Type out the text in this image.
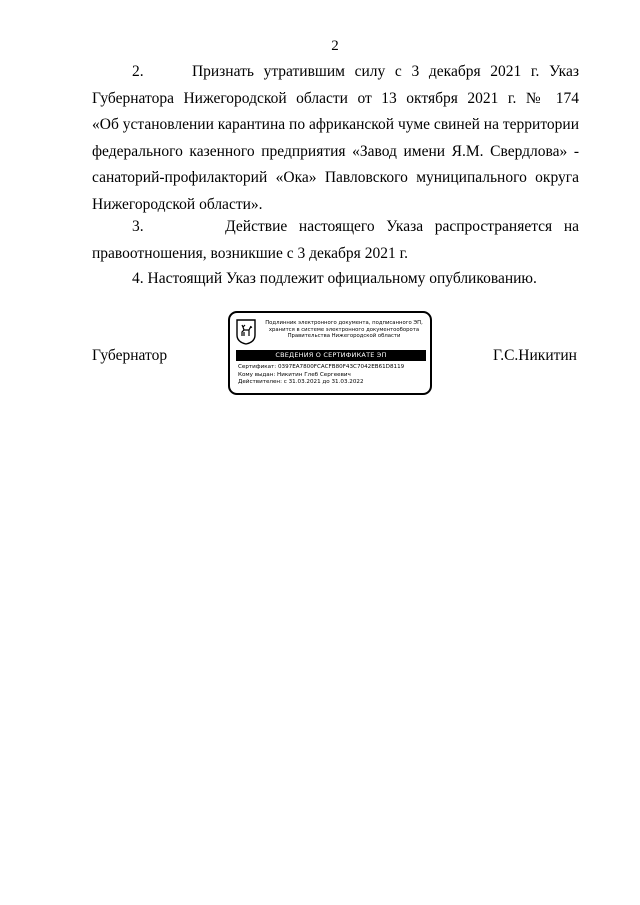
2
2.     Признать утратившим силу с 3 декабря 2021 г. Указ
Губернатора Нижегородской области от 13 октября 2021 г. № 174
«Об установлении карантина по африканской чуме свиней на территории
федерального казенного предприятия «Завод имени Я.М. Свердлова» -
санаторий-профилакторий «Ока» Павловского муниципального округа
Нижегородской области».
3.       Действие настоящего Указа распространяется на
правоотношения, возникшие с 3 декабря 2021 г.
4. Настоящий Указ подлежит официальному опубликованию.
Губернатор	Г.С.Никитин
Подлинник электронного документа, подписанного ЭП, хранится в системе электронного документооборота Правительства Нижегородской области
СВЕДЕНИЯ О СЕРТИФИКАТЕ ЭП
Сертификат: 0397EA7800FCACFB80F43C7042EB61D8119
Кому выдан: Никитин Глеб Сергеевич
Действителен: с 31.03.2021 до 31.03.2022
